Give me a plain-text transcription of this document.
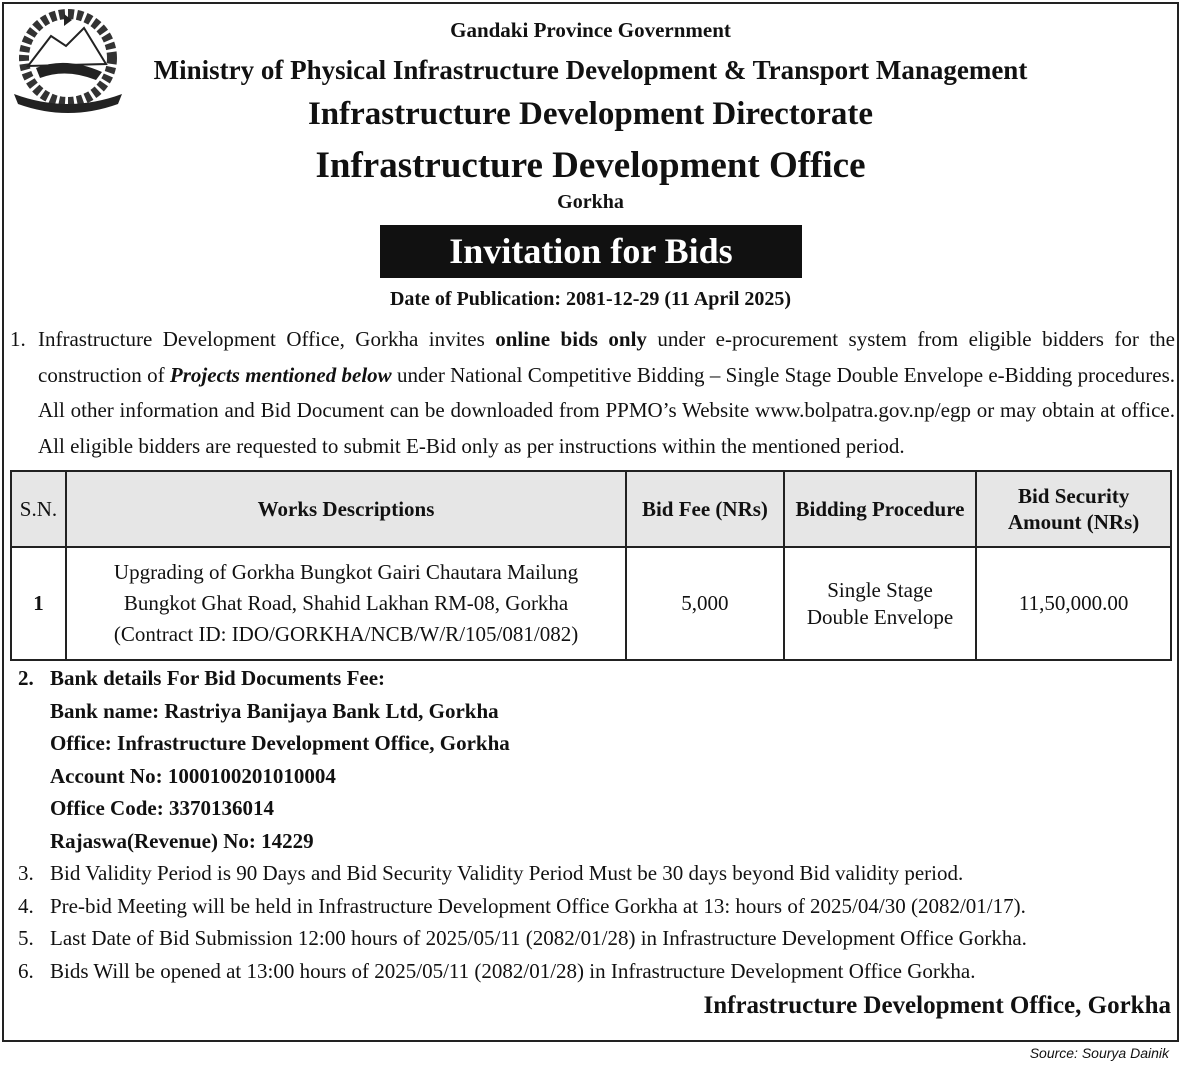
Gandaki Province Government
Ministry of Physical Infrastructure Development & Transport Management
Infrastructure Development Directorate
Infrastructure Development Office
Gorkha
Invitation for Bids
Date of Publication: 2081-12-29 (11 April 2025)
1. Infrastructure Development Office, Gorkha invites online bids only under e-procurement system from eligible bidders for the construction of Projects mentioned below under National Competitive Bidding – Single Stage Double Envelope e-Bidding procedures. All other information and Bid Document can be downloaded from PPMO’s Website www.bolpatra.gov.np/egp or may obtain at office. All eligible bidders are requested to submit E-Bid only as per instructions within the mentioned period.
S.N.	Works Descriptions	Bid Fee (NRs)	Bidding Procedure	Bid Security Amount (NRs)
1	Upgrading of Gorkha Bungkot Gairi Chautara Mailung Bungkot Ghat Road, Shahid Lakhan RM-08, Gorkha (Contract ID: IDO/GORKHA/NCB/W/R/105/081/082)	5,000	Single Stage Double Envelope	11,50,000.00
2. Bank details For Bid Documents Fee:
Bank name: Rastriya Banijaya Bank Ltd, Gorkha
Office: Infrastructure Development Office, Gorkha
Account No: 1000100201010004
Office Code: 3370136014
Rajaswa(Revenue) No: 14229
3. Bid Validity Period is 90 Days and Bid Security Validity Period Must be 30 days beyond Bid validity period.
4. Pre-bid Meeting will be held in Infrastructure Development Office Gorkha at 13: hours of 2025/04/30 (2082/01/17).
5. Last Date of Bid Submission 12:00 hours of 2025/05/11 (2082/01/28) in Infrastructure Development Office Gorkha.
6. Bids Will be opened at 13:00 hours of 2025/05/11 (2082/01/28) in Infrastructure Development Office Gorkha.
Infrastructure Development Office, Gorkha
Source: Sourya Dainik
